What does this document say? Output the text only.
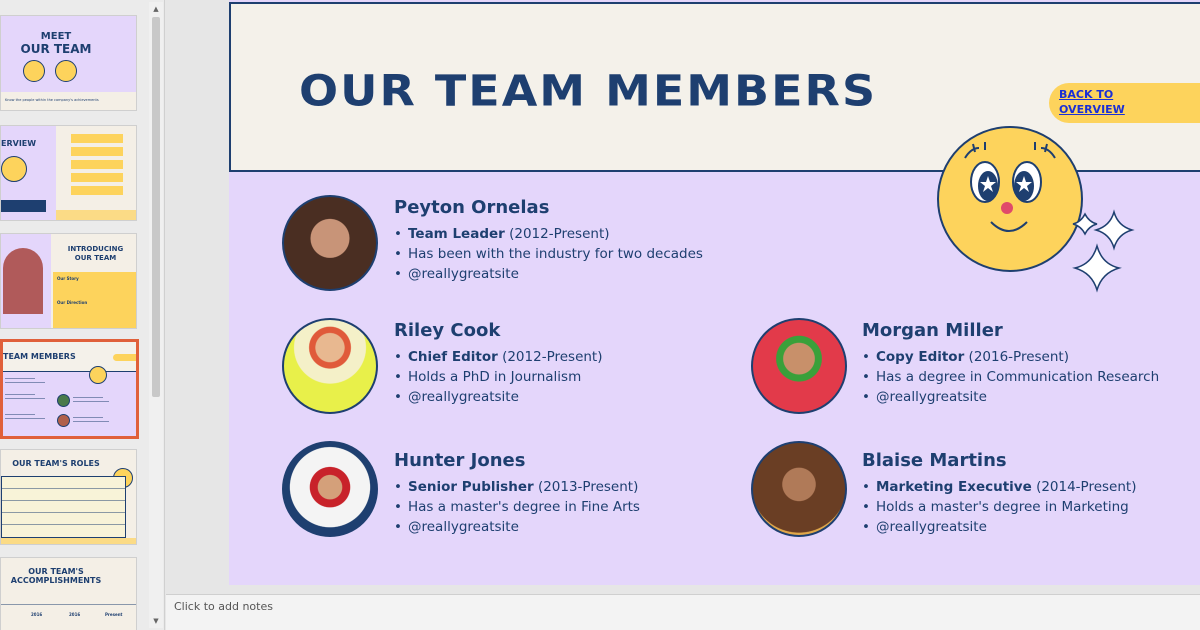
MEET
OUR TEAM
Know the people within the company's achievements
ERVIEW
INTRODUCING
OUR TEAM
Our Story
Our Direction
TEAM MEMBERS
OUR TEAM'S ROLES
OUR TEAM'S
ACCOMPLISHMENTS
2016	2016	Present
▲
▼
OUR TEAM MEMBERS	BACK TO OVERVIEW
Peyton Ornelas
• Team Leader (2012-Present)
• Has been with the industry for two decades
• @reallygreatsite
Riley Cook
• Chief Editor (2012-Present)
• Holds a PhD in Journalism
• @reallygreatsite
Morgan Miller
• Copy Editor (2016-Present)
• Has a degree in Communication Research
• @reallygreatsite
Hunter Jones
• Senior Publisher (2013-Present)
• Has a master's degree in Fine Arts
• @reallygreatsite
Blaise Martins
• Marketing Executive (2014-Present)
• Holds a master's degree in Marketing
• @reallygreatsite
Click to add notes
